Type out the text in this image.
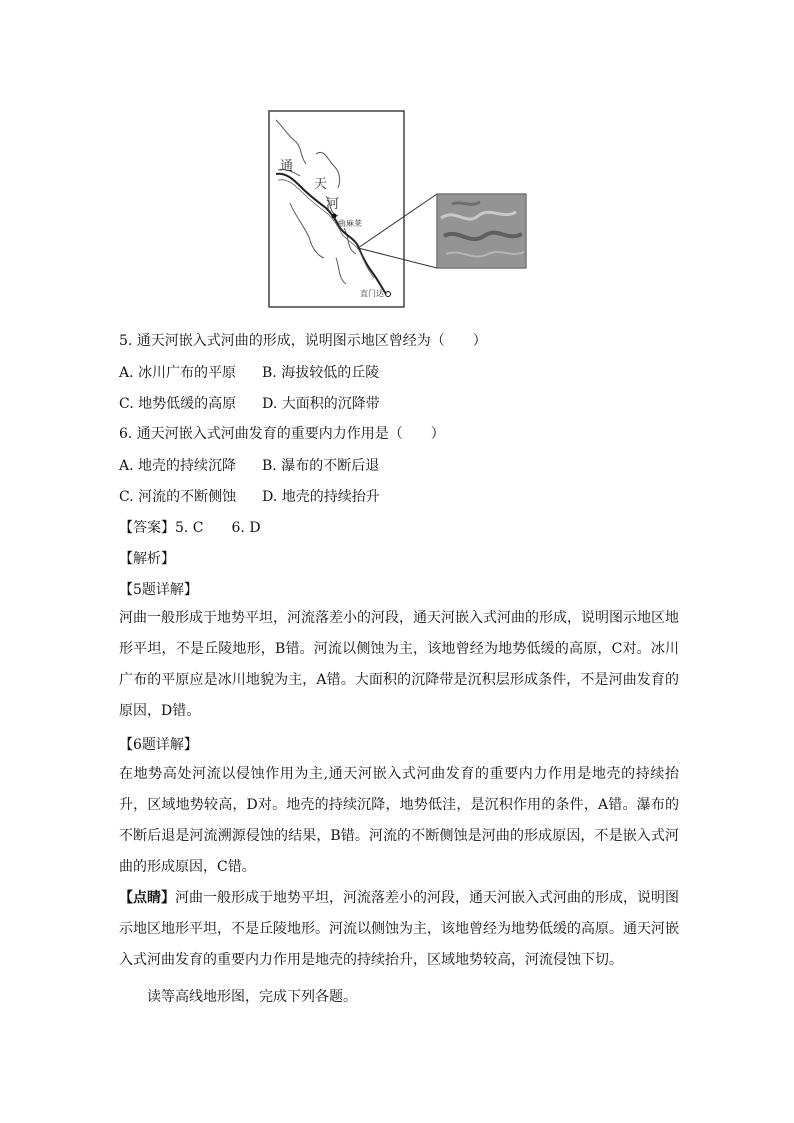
通
天
河
曲麻莱
直门达
5. 通天河嵌入式河曲的形成，说明图示地区曾经为（　　）
A. 冰川广布的平原 B. 海拔较低的丘陵
C. 地势低缓的高原 D. 大面积的沉降带
6. 通天河嵌入式河曲发育的重要内力作用是（　　）
A. 地壳的持续沉降 B. 瀑布的不断后退
C. 河流的不断侧蚀 D. 地壳的持续抬升
【答案】5. C　　6. D
【解析】
【5题详解】
河曲一般形成于地势平坦，河流落差小的河段，通天河嵌入式河曲的形成，说明图示地区地形平坦，不是丘陵地形，B错。河流以侧蚀为主，该地曾经为地势低缓的高原，C对。冰川广布的平原应是冰川地貌为主，A错。大面积的沉降带是沉积层形成条件，不是河曲发育的原因，D错。
【6题详解】
在地势高处河流以侵蚀作用为主,通天河嵌入式河曲发育的重要内力作用是地壳的持续抬升，区域地势较高，D对。地壳的持续沉降，地势低洼，是沉积作用的条件，A错。瀑布的不断后退是河流溯源侵蚀的结果，B错。河流的不断侧蚀是河曲的形成原因，不是嵌入式河曲的形成原因，C错。
【点睛】河曲一般形成于地势平坦，河流落差小的河段，通天河嵌入式河曲的形成，说明图示地区地形平坦，不是丘陵地形。河流以侧蚀为主，该地曾经为地势低缓的高原。通天河嵌入式河曲发育的重要内力作用是地壳的持续抬升，区域地势较高，河流侵蚀下切。
读等高线地形图，完成下列各题。
